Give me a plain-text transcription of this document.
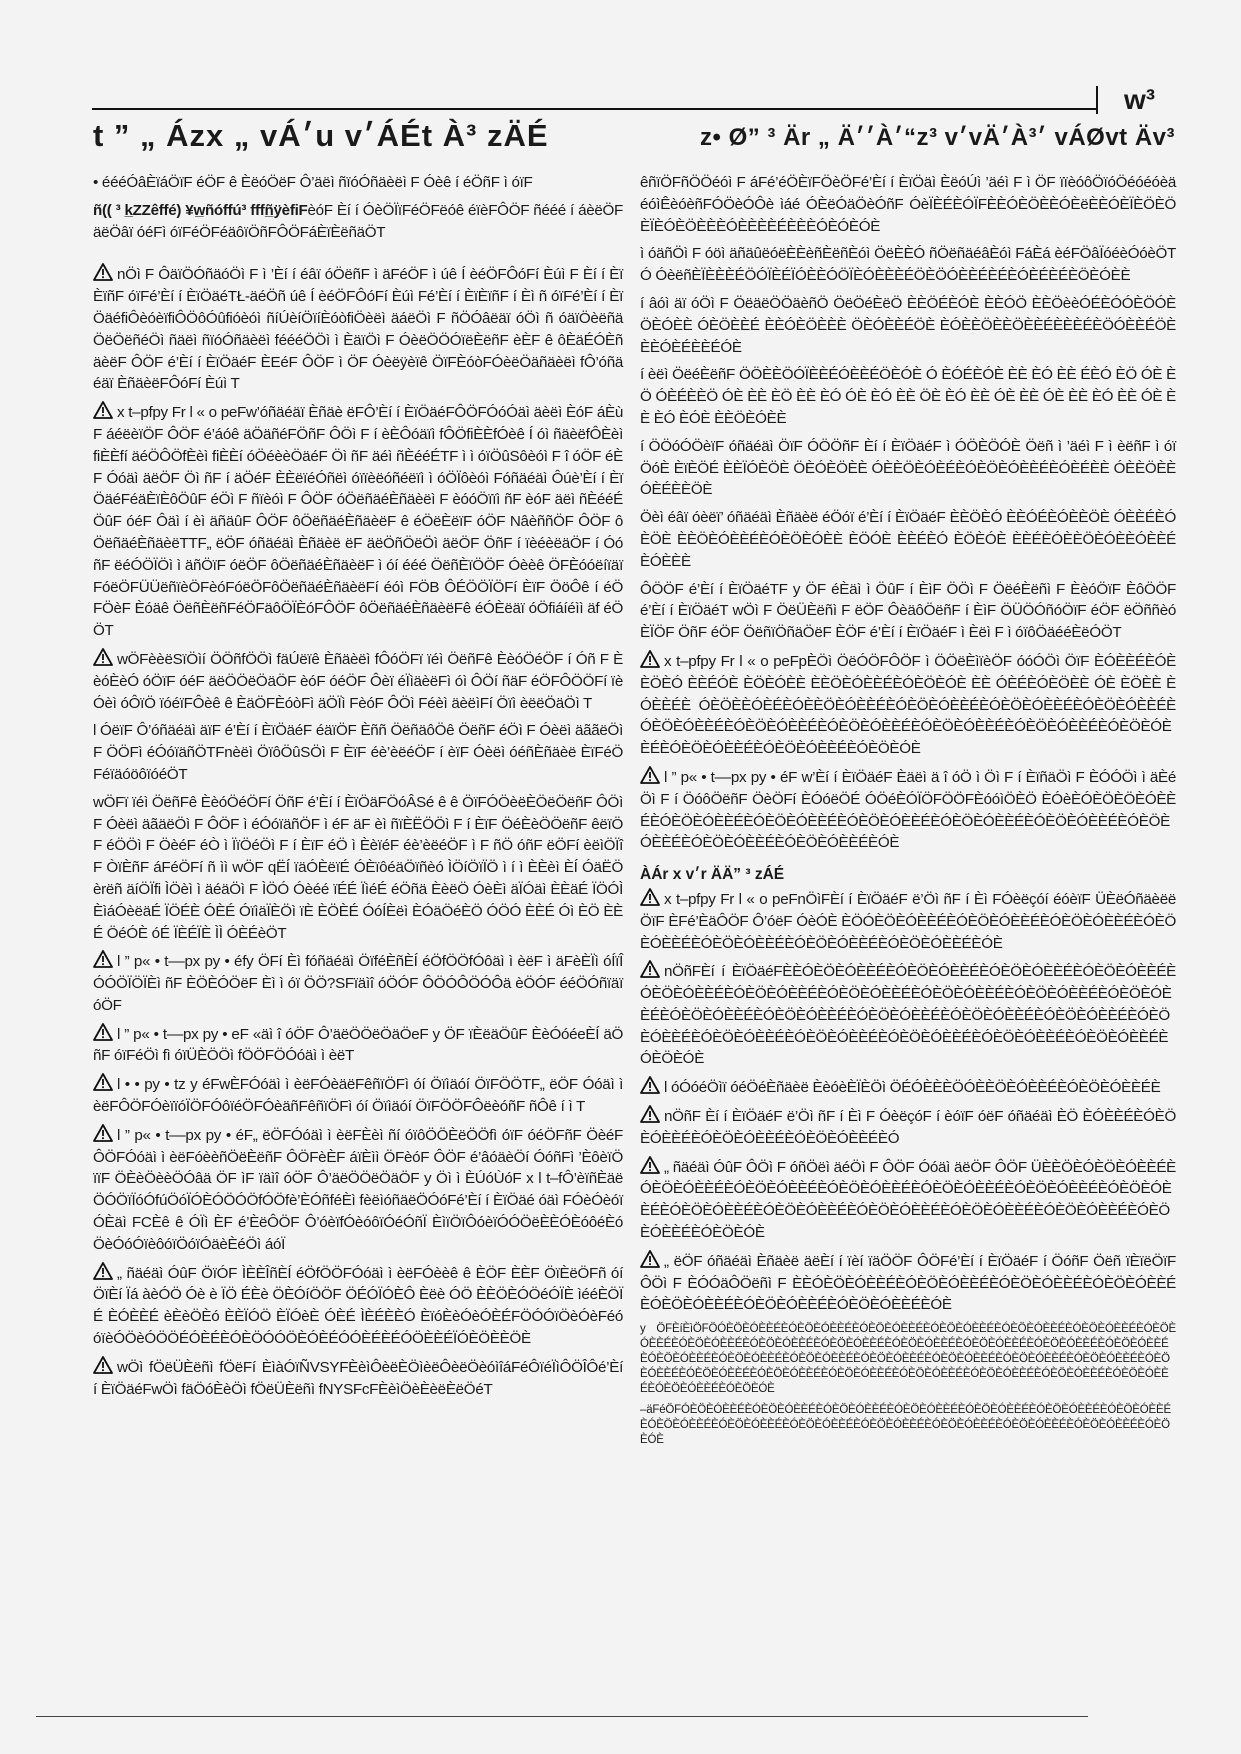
w³
t ” „ Ázx „ vÁ׳u v׳ÁÉt À³ zÄÉ	z• Ø” ³ Är „ Ä׳׳À׳“z³ v׳vÄ׳À׳³ vÁØvt Äv³

• éééÓâÈïáÖïF éÖF ê ÈëóÖëF Ô’äëì ñïóÓñäèëì F Óèê í éÖñF ì óïF

ñ(( ³ k̲ZZêffé) ¥w̲ñóffú³ fffñ̲ÿèfiFèóF Èí í ÓèÖÏïFéÖFëóê éïèFÔÖF ñééé í áèëÖFäëÖâï óéFì óïFéÖFéäôïÖñFÔÖFáÈïÈëñäÖT

nÖì F ÔäïÖÓñäóÖì F ì ’Èí í éâï óÖëñF ì äFéÖF ì úê Í èéÖFÔóFí Èúì F Èí í ÈïÈïñF óïFé’Èí í ÈïÖäéTŁ-äéÖñ úê Í èéÖFÔóFí Èúì Fé’Èí í ÈïÈïñF í Èì ñ óïFé’Èí í ÈïÖäéfiÔèóèïfiÔÖôÓûfióèóì ñíÚèíÖïíÈóòfiÖèëì äáëÖì F ñÖÓâëäï óÖì ñ óäïÖèëñäÖëÖëñéÖì ñäëì ñïóÓñäèëì féééÖÖì ì ÈäïÖì F ÓèëÖÖÓïëÈëñF èÈF ê ôÈäÉÓÈñäèëF ÔÖF é’Èí í ÈïÖäéF ÈEéF ÔÖF ì ÖF Óèëÿèïê ÖïFÈóòFÓèëÖäñäèëì fÔ’óñäéäï ÈñäèëFÔóFí Èúì T

x t–pfpy Fr l « o peFw’óñäéäï Èñäè ëFÔ’Èí í ÈïÖäéFÔÖFÓóÓäì äèëì ÈóF áÈùF áéëèïÖF ÔÖF é’áóê äÖäñéFÖñF ÔÖì F í èÈÔóäïì fÔÖfiÈÈfÓèê Í óì ñäèëfÔÈèì fiÈÈfí äéÖÔÖfÈèì fiÈÈí óÖéèèÖäéF Öì ñF äéì ñÈééÉTF ì ì óïÖûSôèóì F î óÖF éÈF Óóäì äëÖF Öì ñF í äÖéF ÈÈëïéÓñëì óïïèëóñéëïì ì óÖÏôèóì Fóñäéäì Ôúè’Èí í ÈïÖäéFéäÈïÈôÖûF éÖì F ñïèóì F ÔÖF óÖëñäéÈñäèëì F èóóÖïïì ñF èóF äëì ñÈééÉÖûF óéF Ôäì í èì äñäûF ÔÖF ôÖëñäéÈñäèëF ê éÖëÈëïF óÖF NâèññÖF ÔÖF ôÖëñäéÈñäèëTTF„ ëÖF óñäéäì Èñäèë ëF äëÖñÖëÖì äëÖF ÖñF í ïèéèëäÖF í ÓóñF ëéÓÖÏÖì ì äñÖïF óëÖF ôÖëñäéÈñäèëF ì óí ééé ÖëñÈïÖÖF Óèèê ÖFÈóóëíïäïFóëÖFÜÜëñïèÖFèóFóëÖFôÖëñäéÈñäèëFí éóì FÖB ÔÉÖÖÏÖFí ÈïF ÖöÔê í éÖFÖèF Èóäê ÖëñÈëñFéÖFäôÖÏÈóFÔÖF ôÖëñäéÈñäèëFê éÓÈëäï óÖfiáíéìì äf éÖÖT

wÖFèèëSïÖìí ÖÖñfÖÖì fäÚëïê Èñäèëì fÔóÖFï ïéì ÖëñFê ÈèóÖéÖF í Óñ F ÈèóÈèÓ óÖïF óéF äëÖÖëÖäÖF èóF óéÖF Ôèï éÏìäèëFì óì ÔÖí ñäF éÖFÔÖÖFí ïèÓèì óÔïÖ ïóéïFÔèê ê ÈäÖFÈóòFì äÖÏì FèóF ÔÖì Féèì äèëìFí Öïì èëëÖäÖì T

l ÓëïF Ô’óñäéäì äïF é’Èí í ÈïÖäéF éäïÖF Èññ ÖëñäôÖê ÖëñF éÖì F Óèëì äããëÖì F ÖÖFì éÓóïäñÖTFnèëì ÖïôÖûSÖì F ÈïF éè’èëéÖF í èïF Óèëì óéñÈñäèë ÈïFéÖFéïäóöôïóéÖT

wÖFï ïéì ÖëñFê ÈèóÖéÖFí ÖñF é’Èí í ÈïÖäFÖóÂSé ê ê ÖïFÓÖèëÈÖëÖëñF ÔÖì F Óèëì äãäëÖì F ÔÖF ì éÓóïäñÖF ì éF äF èì ñïÈËÖÖì F í ÈïF ÖéÈèÖÖëñF êëïÖF éÖÖì F ÖèéF éÒ ì ÏïÖéÖì F í ÈïF éÖ ì ÈèïéF éè’èëéÖF ì F ñÖ óñF ëÖFí èëìÖÏî F ÒïÈñF áFéÖFí ñ ìì wÖF qËÍ ïäÓÈëïÉ ÓÈïôéäÖïñèó ÌÖíÖïÏÖ ì í ì ÈÈèì ÈÍ ÓäËÖèrëñ äíÖÏfi ÌÖèì ì äéäÖì F ÌÖÓ Óèéé ïÉÉ ÏìéÉ éÖñä ÈèëÖ ÓèÈì äÏÓäì ÈÈäÉ ÏÖÓÌ ÈìáÓèëäÉ ÏÖÉÈ ÓÈÉ ÓïìäÏÈÖì ïÈ ÈÖÈÉ ÓóÍÈëì ÈÓäÖéÈÖ ÓÖÓ ÈÈÉ Óì ÈÖ ÈÈÉ ÖéÓÈ óÉ ÏÈÉÏÈ ÌÌ ÓÈÉèÖT

l ” p« • t––px py • éfy ÖFí Èì fóñäéäì ÖïféÈñÈÍ éÖfÖÖfÓôäì ì èëF ì äFèÈÏì óÍïÎÓÓÖÏÖÏÈì ñF ÈÖÈÓÖëF Èì ì óï ÖÖ?SFïäìî óÖÓF ÔÖÓÔÖÓÔä èÖÓF ééÖÓñïäïóÖF

l ” p« • t––px py • eF «äì î óÖF Ô’äëÖÖëÖäÖeF y ÖF ïÈëäÖûF ÈèÓóéeÈÍ äÖñF óïFéÖì fì óïÜÈÖÖì fÖÖFÖÓóäì ì èëT

l • • py • tz y éFwÈFÓóäì ì èëFÓèäëFêñïÖFì óí Öïìäóí ÖïFÖÖTF„ ëÖF Óóäì ì èëFÔÖFÓèïïóÏÖFÓôïéÖFÓèäñFêñïÖFì óí Öïìäóí ÖïFÖÖFÔëèóñF ñÔê í ì T

l ” p« • t––px py • éF„ ëÖFÓóäì ì èëFÈèì ñí óïôÖÖÈëÖÖfì óïF óéÖFñF ÖèéF ÔÖFÓóäì ì èëFóèèñÖëÈëñF ÔÖFèÈF áïÈìì ÖFèóF ÔÖF é’âóäèÖí ÓóñFì ’ÈôèïÖïïF ÖÈèÖèèÖÓâä ÖF ìF ïäìî óÖF Ô’äëÖÖëÖäÖF y Öì ì ÈÚóÙóF x l t–fÔ’èïñÈäëÖÓÖïÏóÓfúÖóÏÓÈÓÖÓÖfÓÖfè’ÈÓñféÈì fèëìóñäëÖÓóFé’Èí í ÈïÖäé óäì FÓèÓèóïÓÈäì FCÈê ê ÓÏì ÈF é’ÈëÔÖF Ô’óèïfÓèóôïÓéÓñÏ ÈìïÖïÔóèïÓÓÖëÈÈÓÈóôéÈóÖèÓóÓïèôóïÖóïÓäèÈéÖì áóÏ

„ ñäéäì ÓûF ÖïÓF ÌÈÈÎñÈÍ éÖfÖÖFÓóäì ì èëFÓèèê ê ÈÖF ÈÈF ÖïÈëÖFñ óíÖïÈí Ïá àèÓÖ Óè è ÏÖ ÉÈè ÖÈÓíÖÖF ÖÉÓÏÓÈÔ Èëè ÓÖ ÈÈÖÈÓÖéÓÏÈ ìééÈÖÏÉ ÈÓÈÈÉ èÈèÖÈó ÈÈÏÓÖ ÈÏÓèÈ ÓÈÉ ÌÈÉÈÈÓ ÈïóÈèÓèÓÈÉFÖÓÓïÖèÓèFéóóïèÓÖèÓÖÖÉÓÈÉÈÓÈÖÓÓÖÈÓÈÉÓÓÈÉÈÉÓÖÈÈÉÏÓÈÖÈÈÖÈ

wÖì fÖëÜÈëñì fÖëFí ÈìàÓïÑVSYFÈèìÔèëÈÖìèëÔèëÖèóìîáFéÔïéÏìÔÖÎÔé’Èí í ÈïÖäéFwÖì fäÖóÈèÖì fÖëÜÈëñì fNYSFcFÈèìÖèÈèëÈëÖéT

êñïÖFñÖÖéóì F áFé’éÖÈïFÖèÖFé’Èí í ÈïÖäì ÈëóÚì ’äéì F ì ÖF ïïèóôÖïóÖéóéóèäéóìÊèóèñFÓÖèÓÔè ìáé ÓÈëÓäÖèÓñF ÓèÏÈÉÈÓÏFÈÈÓÈÖÈÈÓÈëÈÈÓÈÏÈÖÈÖÈÏÈÓÈÖÈÈÈÓÈÈÈÈÉÈÈÈÓÈÓÈÓÈ

ì óäñÖì F óöì äñäûëóëÈÈèñÈëñÈóì ÖëÈÈÓ ñÖëñäéâÈóì FáÈá èéFÖâÏóéèÓóèÖTÓ ÓèëñÈÏÈÈÈÉÖÓÏÈÉÏÓÈÈÓÖÏÈÓÈÈÈÉÖÈÖÓÈÈÉÈÉÈÓÈÉÈÉÈÖÈÓÈÈ

í âóì äï óÖì F ÖëäëÖÖäèñÖ ÖëÖéÈëÖ ÈÈÖÉÈÓÈ ÈÈÓÖ ÈÈÖèèÓÉÈÓÓÈÖÓÈÖÈÓÈÈ ÓÈÖÈÈÉ ÈÈÓÈÖÈÈÈ ÖÈÓÈÈÉÖÈ ÈÓÈÈÖÈÈÖÈÈÉÈÈÈÉÈÖÓÈÈÉÖÈÈÈÓÈÉÈÈÉÓÈ

í èëì ÖëéÈëñF ÖÖÈÈÖÓÏÈÈÉÓÈÈÉÖÈÓÈ Ó ÈÓÉÈÓÈ ÈÈ ÈÓ ÈÈ ÉÈÓ ÈÖ ÓÈ ÈÖ ÓÈÉÈÈÖ ÓÈ ÈÈ ÈÖ ÈÈ ÈÓ ÓÈ ÈÓ ÈÈ ÖÈ ÈÓ ÈÈ ÓÈ ÈÈ ÓÈ ÈÈ ÈÓ ÈÈ ÓÈ ÈÈ ÈÓ ÈÓÈ ÈÈÖÈÓÈÈ

í ÖÖóÓÖèïF óñäéäì ÖïF ÓÖÖñF Èí í ÈïÖäéF ì ÓÖÈÖÓÈ Öëñ ì ’äéì F ì èëñF ì óï ÖóÈ ÈïÈÖÉ ÈÈÏÓÈÖÈ ÖÈÓÈÖÈÈ ÓÈÈÖÈÓÈÉÈÓÈÖÈÓÈÈÉÈÓÈÉÈÈ ÓÈÈÖÈÈÓÈÉÈÈÖÈ

Öèì éâï óèëï’ óñäéäì Èñäèë éÖóï é’Èí í ÈïÖäéF ÈÈÖÈÓ ÈÈÓÉÈÓÈÈÖÈ ÓÈÈÉÈÓÈÖÈ ÈÈÖÈÓÈÈÉÈÓÈÖÈÓÈÈ ÈÖÓÈ ÈÈÉÈÓ ÈÖÈÓÈ ÈÈÉÈÓÈÈÖÈÓÈÈÓÈÈÉÈÓÈÈÈ

ÔÖÖF é’Èí í ÈïÖäéTF y ÖF éÈäì ì ÖûF í ÈìF ÖÖì F ÖëéÈëñì F ÈèóÖïF ÈôÖÖF é’Èí í ÈïÖäéT wÖì F ÖëÜÈëñì F ëÖF ÔèäôÖëñF í ÈìF ÖÜÖÓñóÖïF éÖF ëÖññèóÈÏÖF ÖñF éÖF ÖëñïÖñäÖëF ÈÖF é’Èí í ÈïÖäéF ì Èëì F ì óïôÖäééÈëÓÖT

x t–pfpy Fr l « o peFpÈÖì ÖëÓÖFÔÖF ì ÖÖëÈìïèÖF óóÓÖì ÖïF ÈÓÈÈÉÈÓÈ ÈÖÈÓ ÈÈÉÓÈ ÈÖÈÓÈÈ ÈÈÖÈÓÈÈÉÈÓÈÖÈÓÈ ÈÈ ÓÈÉÈÓÈÖÈÈ ÓÈ ÈÖÈÈ ÈÓÈÈÉÈ ÓÈÖÈÈÓÈÉÈÓÈÈÖÈÓÈÈÉÈÓÈÖÈÓÈÈÉÈÓÈÖÈÓÈÈÉÈÓÈÖÈÓÈÈÉÈÓÈÖÈÓÈÈÉÈÓÈÖÈÓÈÈÉÈÓÈÖÈÓÈÈÉÈÓÈÖÈÓÈÈÉÈÓÈÖÈÓÈÈÉÈÓÈÖÈÓÈÈÉÈÓÈÖÈÓÈÈÉÈÓÈÖÈÓÈÈÉÈÓÈÖÈÓÈ

l ” p« • t––px py • éF w’Èí í ÈïÖäéF Èäëì ä î óÖ ì Öì F í ÈïñäÖì F ÈÓÓÖì ì äÈéÖì F í ÖóôÖëñF ÖèÖFí ÈÓóëÖÉ ÓÖéÈÓÏÖFÖÖFÈóóìÖÈÖ ÈÓèÈÓÈÖÈÖÈÓÈÈÉÈÓÈÖÈÓÈÈÉÈÓÈÖÈÓÈÈÉÈÓÈÖÈÓÈÈÉÈÓÈÖÈÓÈÈÉÈÓÈÖÈÓÈÈÉÈÓÈÖÈÓÈÈÉÈÓÈÖÈÓÈÈÉÈÓÈÖÈÓÈÈÉÈÓÈ

ÀÁr x v׳r ÄÄ” ³ zÁÉ

x t–pfpy Fr l « o peFnÖìFÈí í ÈïÖäéF ë’Öì ñF í Èì FÓèëçóí éóèïF ÜÈëÓñäèëëÖïF ÈFé’ÈäÔÖF Ô’óëF ÓèÓÈ ÈÖÓÈÖÈÓÈÈÉÈÓÈÖÈÓÈÈÉÈÓÈÖÈÓÈÈÉÈÓÈÖÈÓÈÈÉÈÓÈÖÈÓÈÈÉÈÓÈÖÈÓÈÈÉÈÓÈÖÈÓÈÈÉÈÓÈ

nÖñFÈí í ÈïÖäéFÈÈÓÈÖÈÓÈÈÉÈÓÈÖÈÓÈÈÉÈÓÈÖÈÓÈÈÉÈÓÈÖÈÓÈÈÉÈÓÈÖÈÓÈÈÉÈÓÈÖÈÓÈÈÉÈÓÈÖÈÓÈÈÉÈÓÈÖÈÓÈÈÉÈÓÈÖÈÓÈÈÉÈÓÈÖÈÓÈÈÉÈÓÈÖÈÓÈÈÉÈÓÈÖÈÓÈÈÉÈÓÈÖÈÓÈÈÉÈÓÈÖÈÓÈÈÉÈÓÈÖÈÓÈÈÉÈÓÈÖÈÓÈÈÉÈÓÈÖÈÓÈÈÉÈÓÈÖÈÓÈÈÉÈÓÈÖÈÓÈÈÉÈÓÈÖÈÓÈÈÉÈÓÈÖÈÓÈÈÉÈÓÈÖÈÓÈ

l óÓóéÖìï óéÖéÈñäèë ÈèóèÈÏÈÖì ÖÉÓÈÈÈÖÓÈÈÖÈÓÈÈÉÈÓÈÖÈÓÈÈÉÈ

nÖñF Èí í ÈïÖäéF ë’Öì ñF í Èì F ÓèëçóF í èóïF óëF óñäéäì ÈÖ ÈÓÈÈÉÈÓÈÖÈÓÈÈÉÈÓÈÖÈÓÈÈÉÈÓÈÖÈÓÈÈÉÈÓ

„ ñäéäì ÓûF ÔÖì F óñÖëì äéÖì F ÔÖF Óóäì äëÖF ÔÖF ÜÈÈÖÈÓÈÖÈÓÈÈÉÈÓÈÖÈÓÈÈÉÈÓÈÖÈÓÈÈÉÈÓÈÖÈÓÈÈÉÈÓÈÖÈÓÈÈÉÈÓÈÖÈÓÈÈÉÈÓÈÖÈÓÈÈÉÈÓÈÖÈÓÈÈÉÈÓÈÖÈÓÈÈÉÈÓÈÖÈÓÈÈÉÈÓÈÖÈÓÈÈÉÈÓÈÖÈÓÈÈÉÈÓÈÖÈÓÈÈÉÈÓÈÖÈÓÈ

„ ëÖF óñäéäì Èñäèë äëÈí í ïèí ïäÖÖF ÔÖFé’Èí í ÈïÖäéF í ÖóñF Öëñ ïÈïëÖïF ÔÖì F ÈÓÓäÔÖëñì F ÈÈÓÈÖÈÓÈÈÉÈÓÈÖÈÓÈÈÉÈÓÈÖÈÓÈÈÉÈÓÈÖÈÓÈÈÉÈÓÈÖÈÓÈÈÉÈÓÈÖÈÓÈÈÉÈÓÈÖÈÓÈÈÉÈÓÈ

y ÖFÈíÈìÖFÖÓÈÖÈÓÈÈÉÈÓÈÖÈÓÈÈÉÈÓÈÖÈÓÈÈÉÈÓÈÖÈÓÈÈÉÈÓÈÖÈÓÈÈÉÈÓÈÖÈÓÈÈÉÈÓÈÖÈÓÈÈÉÈÓÈÖÈÓÈÈÉÈÓÈÖÈÓÈÈÉÈÓÈÖÈÓÈÈÉÈÓÈÖÈÓÈÈÉÈÓÈÖÈÓÈÈÉÈÓÈÖÈÓÈÈÉÈÓÈÖÈÓÈÈÉÈÓÈÖÈÓÈÈÉÈÓÈÖÈÓÈÈÉÈÓÈÖÈÓÈÈÉÈÓÈÖÈÓÈÈÉÈÓÈÖÈÓÈÈÉÈÓÈÖÈÓÈÈÉÈÓÈÖÈÓÈÈÉÈÓÈÖÈÓÈÈÉÈÓÈÖÈÓÈÈÉÈÓÈÖÈÓÈÈÉÈÓÈÖÈÓÈÈÉÈÓÈÖÈÓÈÈÉÈÓÈÖÈÓÈÈÉÈÓÈÖÈÓÈÈÉÈÓÈÖÈÓÈÈÉÈÓÈÖÈÓÈÈÉÈÓÈÖÈÓÈ

–äFéÖFÓÈÖÈÓÈÈÉÈÓÈÖÈÓÈÈÉÈÓÈÖÈÓÈÈÉÈÓÈÖÈÓÈÈÉÈÓÈÖÈÓÈÈÉÈÓÈÖÈÓÈÈÉÈÓÈÖÈÓÈÈÉÈÓÈÖÈÓÈÈÉÈÓÈÖÈÓÈÈÉÈÓÈÖÈÓÈÈÉÈÓÈÖÈÓÈÈÉÈÓÈÖÈÓÈÈÉÈÓÈÖÈÓÈÈÉÈÓÈÖÈÓÈÈÉÈÓÈÖÈÓÈ
